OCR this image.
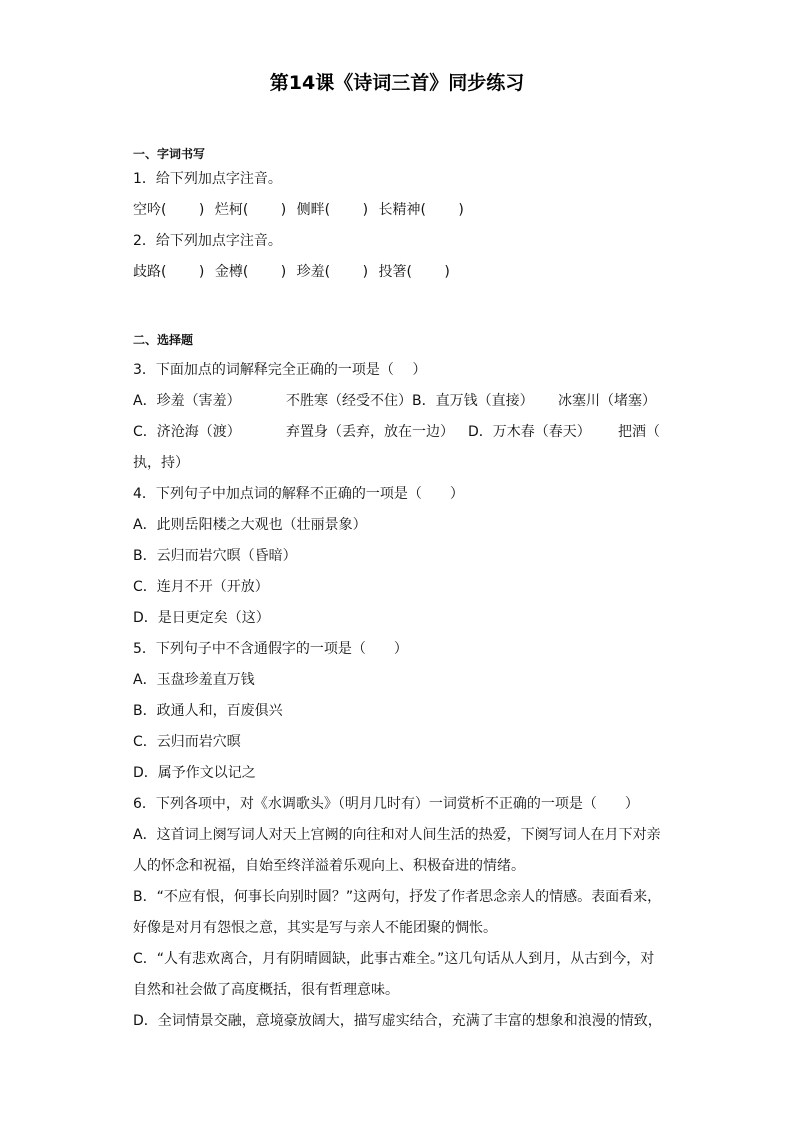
第14课《诗词三首》同步练习
一、字词书写
1．给下列加点字注音。
空吟(　　 ) 烂柯(　　 ) 侧畔(　　 ) 长精神(　　 )
2．给下列加点字注音。
歧路(　　 ) 金樽(　　 ) 珍羞(　　 ) 投箸(　　 )
二、选择题
3．下面加点的词解释完全正确的一项是（　 ）
A．珍羞（害羞）	不胜寒（经受不住）B．直万钱（直接） 冰塞川（堵塞）
C．济沧海（渡）	弃置身（丢弃，放在一边） D．万木春（春天） 把酒（
执，持）
4．下列句子中加点词的解释不正确的一项是（　　）
A．此则岳阳楼之大观也（壮丽景象）
B．云归而岩穴暝（昏暗）
C．连月不开（开放）
D．是日更定矣（这）
5．下列句子中不含通假字的一项是（　　）
A．玉盘珍羞直万钱
B．政通人和，百废俱兴
C．云归而岩穴暝
D．属予作文以记之
6．下列各项中，对《水调歌头》（明月几时有）一词赏析不正确的一项是（　　）
A．这首词上阕写词人对天上宫阙的向往和对人间生活的热爱，下阕写词人在月下对亲
人的怀念和祝福，自始至终洋溢着乐观向上、积极奋进的情绪。
B．“不应有恨，何事长向别时圆？”这两句，抒发了作者思念亲人的情感。表面看来，
好像是对月有怨恨之意，其实是写与亲人不能团聚的惆怅。
C．“人有悲欢离合，月有阴晴圆缺，此事古难全。”这几句话从人到月，从古到今，对
自然和社会做了高度概括，很有哲理意味。
D．全词情景交融，意境豪放阔大，描写虚实结合，充满了丰富的想象和浪漫的情致，
